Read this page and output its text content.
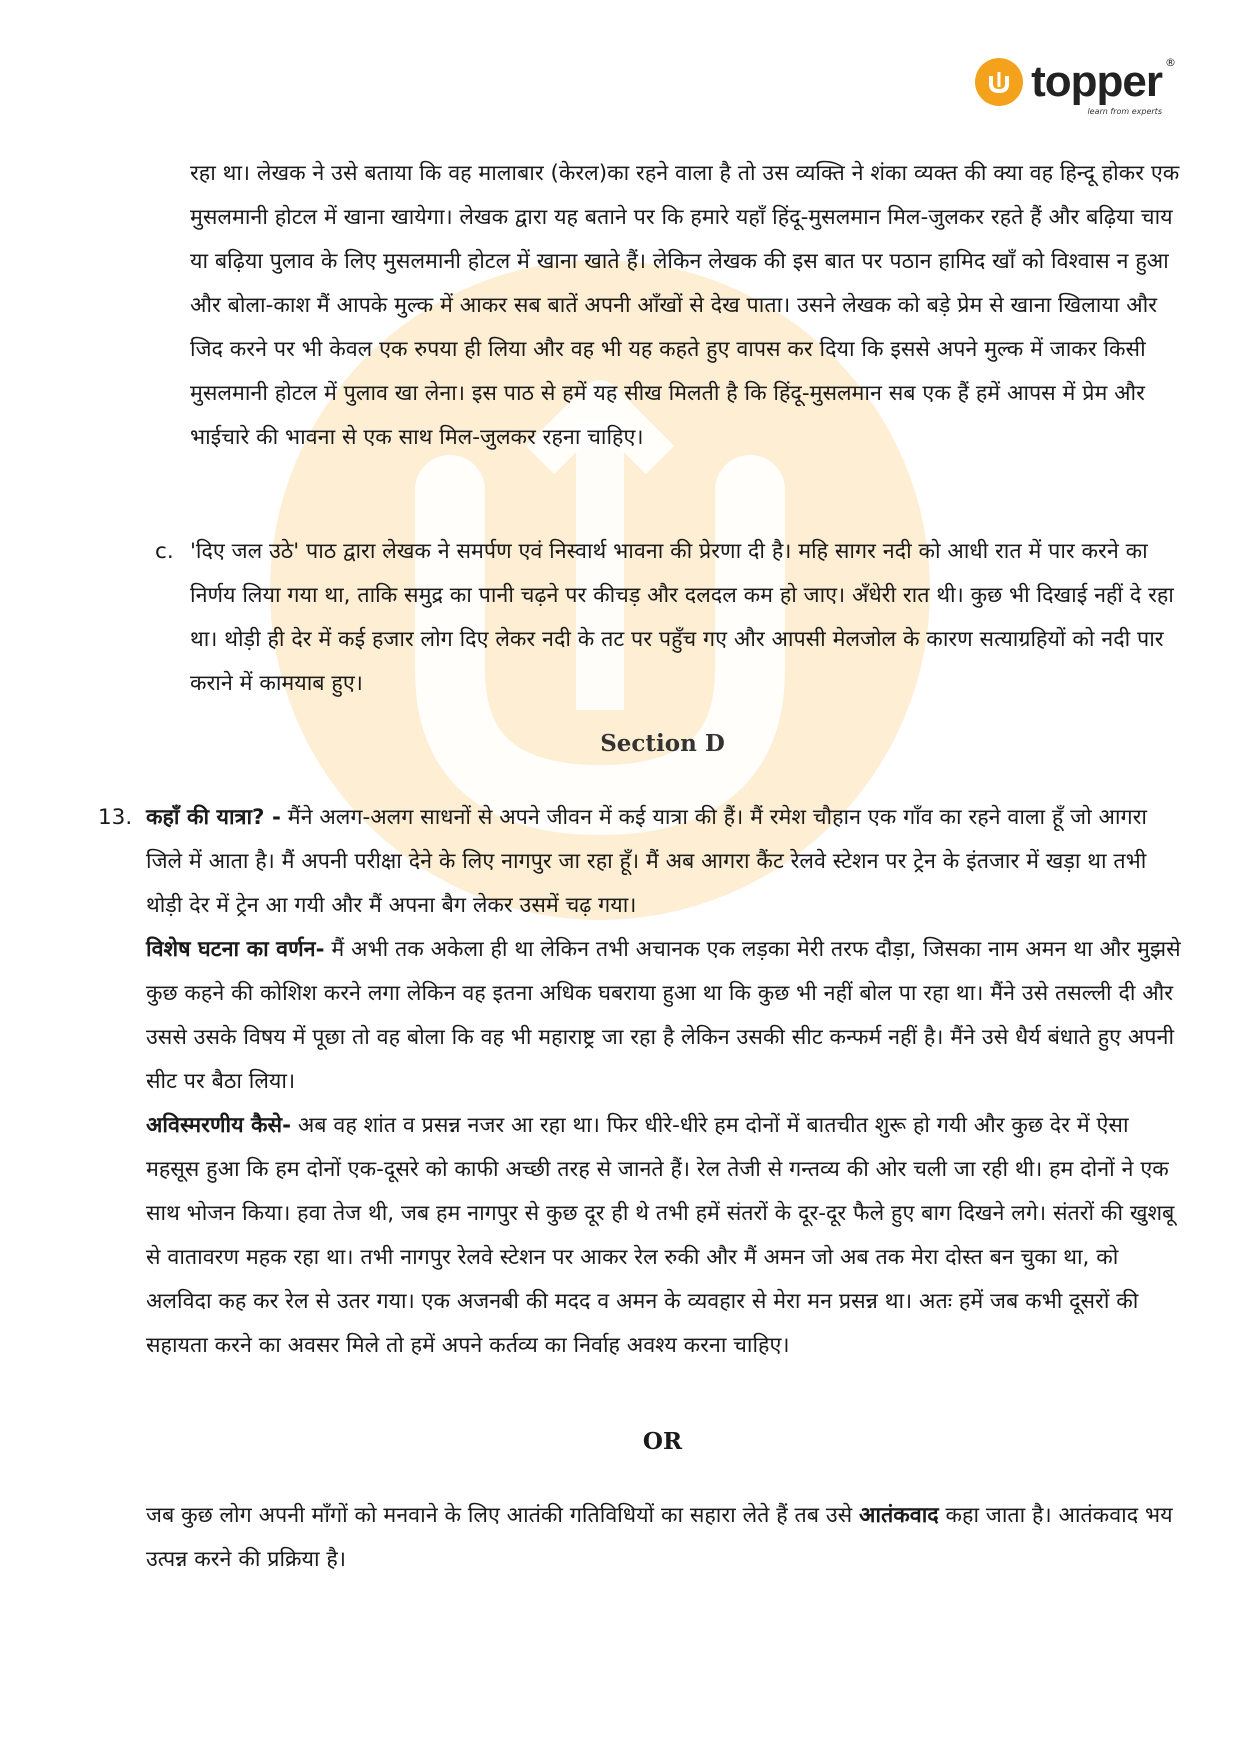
topper ®
learn from experts

रहा था। लेखक ने उसे बताया कि वह मालाबार (केरल)का रहने वाला है तो उस व्यक्ति ने शंका व्यक्त की क्या वह हिन्दू होकर एक मुसलमानी होटल में खाना खायेगा। लेखक द्वारा यह बताने पर कि हमारे यहाँ हिंदू-मुसलमान मिल-जुलकर रहते हैं और बढ़िया चाय या बढ़िया पुलाव के लिए मुसलमानी होटल में खाना खाते हैं। लेकिन लेखक की इस बात पर पठान हामिद खाँ को विश्वास न हुआ और बोला-काश मैं आपके मुल्क में आकर सब बातें अपनी आँखों से देख पाता। उसने लेखक को बड़े प्रेम से खाना खिलाया और जिद करने पर भी केवल एक रुपया ही लिया और वह भी यह कहते हुए वापस कर दिया कि इससे अपने मुल्क में जाकर किसी मुसलमानी होटल में पुलाव खा लेना। इस पाठ से हमें यह सीख मिलती है कि हिंदू-मुसलमान सब एक हैं हमें आपस में प्रेम और भाईचारे की भावना से एक साथ मिल-जुलकर रहना चाहिए।

c. 'दिए जल उठे' पाठ द्वारा लेखक ने समर्पण एवं निस्वार्थ भावना की प्रेरणा दी है। महि सागर नदी को आधी रात में पार करने का निर्णय लिया गया था, ताकि समुद्र का पानी चढ़ने पर कीचड़ और दलदल कम हो जाए। अँधेरी रात थी। कुछ भी दिखाई नहीं दे रहा था। थोड़ी ही देर में कई हजार लोग दिए लेकर नदी के तट पर पहुँच गए और आपसी मेलजोल के कारण सत्याग्रहियों को नदी पार कराने में कामयाब हुए।

Section D
13. कहाँ की यात्रा? - मैंने अलग-अलग साधनों से अपने जीवन में कई यात्रा की हैं। मैं रमेश चौहान एक गाँव का रहने वाला हूँ जो आगरा जिले में आता है। मैं अपनी परीक्षा देने के लिए नागपुर जा रहा हूँ। मैं अब आगरा कैंट रेलवे स्टेशन पर ट्रेन के इंतजार में खड़ा था तभी थोड़ी देर में ट्रेन आ गयी और मैं अपना बैग लेकर उसमें चढ़ गया।
विशेष घटना का वर्णन- मैं अभी तक अकेला ही था लेकिन तभी अचानक एक लड़का मेरी तरफ दौड़ा, जिसका नाम अमन था और मुझसे कुछ कहने की कोशिश करने लगा लेकिन वह इतना अधिक घबराया हुआ था कि कुछ भी नहीं बोल पा रहा था। मैंने उसे तसल्ली दी और उससे उसके विषय में पूछा तो वह बोला कि वह भी महाराष्ट्र जा रहा है लेकिन उसकी सीट कन्फर्म नहीं है। मैंने उसे धैर्य बंधाते हुए अपनी सीट पर बैठा लिया।
अविस्मरणीय कैसे- अब वह शांत व प्रसन्न नजर आ रहा था। फिर धीरे-धीरे हम दोनों में बातचीत शुरू हो गयी और कुछ देर में ऐसा महसूस हुआ कि हम दोनों एक-दूसरे को काफी अच्छी तरह से जानते हैं। रेल तेजी से गन्तव्य की ओर चली जा रही थी। हम दोनों ने एक साथ भोजन किया। हवा तेज थी, जब हम नागपुर से कुछ दूर ही थे तभी हमें संतरों के दूर-दूर फैले हुए बाग दिखने लगे। संतरों की खुशबू से वातावरण महक रहा था। तभी नागपुर रेलवे स्टेशन पर आकर रेल रुकी और मैं अमन जो अब तक मेरा दोस्त बन चुका था, को अलविदा कह कर रेल से उतर गया। एक अजनबी की मदद व अमन के व्यवहार से मेरा मन प्रसन्न था। अतः हमें जब कभी दूसरों की सहायता करने का अवसर मिले तो हमें अपने कर्तव्य का निर्वाह अवश्य करना चाहिए।
OR

जब कुछ लोग अपनी माँगों को मनवाने के लिए आतंकी गतिविधियों का सहारा लेते हैं तब उसे आतंकवाद कहा जाता है। आतंकवाद भय उत्पन्न करने की प्रक्रिया है।
